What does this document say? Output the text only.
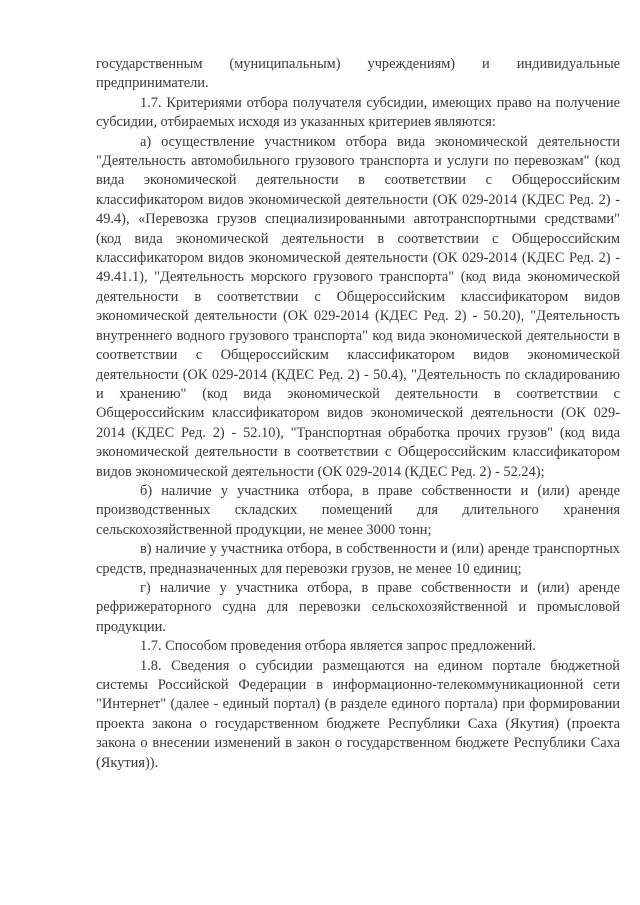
государственным (муниципальным) учреждениям) и индивидуальные предприниматели.

1.7. Критериями отбора получателя субсидии, имеющих право на получение субсидии, отбираемых исходя из указанных критериев являются:

а) осуществление участником отбора вида экономической деятельности "Деятельность автомобильного грузового транспорта и услуги по перевозкам" (код вида экономической деятельности в соответствии с Общероссийским классификатором видов экономической деятельности (ОК 029-2014 (КДЕС Ред. 2) - 49.4), «Перевозка грузов специализированными автотранспортными средствами" (код вида экономической деятельности в соответствии с Общероссийским классификатором видов экономической деятельности (ОК 029-2014 (КДЕС Ред. 2) - 49.41.1), "Деятельность морского грузового транспорта" (код вида экономической деятельности в соответствии с Общероссийским классификатором видов экономической деятельности (ОК 029-2014 (КДЕС Ред. 2) - 50.20), "Деятельность внутреннего водного грузового транспорта" код вида экономической деятельности в соответствии с Общероссийским классификатором видов экономической деятельности (ОК 029-2014 (КДЕС Ред. 2) - 50.4), "Деятельность по складированию и хранению" (код вида экономической деятельности в соответствии с Общероссийским классификатором видов экономической деятельности (ОК 029-2014 (КДЕС Ред. 2) - 52.10), "Транспортная обработка прочих грузов" (код вида экономической деятельности в соответствии с Общероссийским классификатором видов экономической деятельности (ОК 029-2014 (КДЕС Ред. 2) - 52.24);

б) наличие у участника отбора, в праве собственности и (или) аренде производственных складских помещений для длительного хранения сельскохозяйственной продукции, не менее 3000 тонн;

в) наличие у участника отбора, в собственности и (или) аренде транспортных средств, предназначенных для перевозки грузов, не менее 10 единиц;

г) наличие у участника отбора, в праве собственности и (или) аренде рефрижераторного судна для перевозки сельскохозяйственной и промысловой продукции.

1.7. Способом проведения отбора является запрос предложений.

1.8. Сведения о субсидии размещаются на едином портале бюджетной системы Российской Федерации в информационно-телекоммуникационной сети "Интернет" (далее - единый портал) (в разделе единого портала) при формировании проекта закона о государственном бюджете Республики Саха (Якутия) (проекта закона о внесении изменений в закон о государственном бюджете Республики Саха (Якутия)).
